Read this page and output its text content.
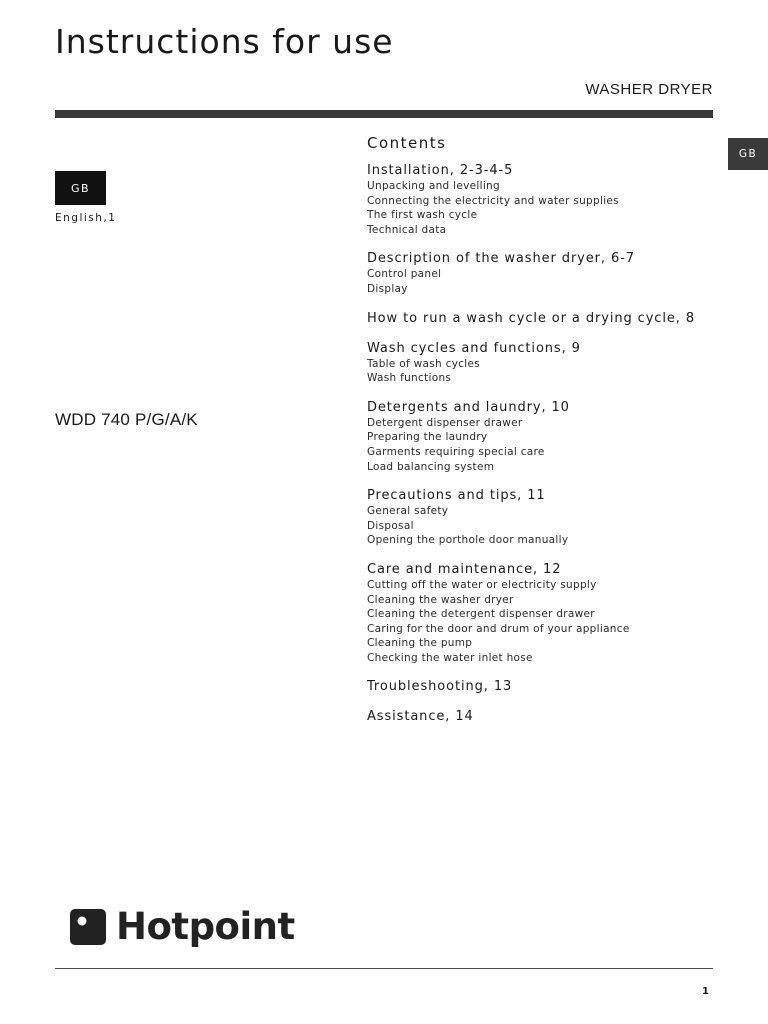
Instructions for use
WASHER DRYER
GB
English,1
WDD 740 P/G/A/K
GB
Contents
Installation, 2-3-4-5
Unpacking and levelling
Connecting the electricity and water supplies
The first wash cycle
Technical data
Description of the washer dryer, 6-7
Control panel
Display
How to run a wash cycle or a drying cycle, 8
Wash cycles and functions, 9
Table of wash cycles
Wash functions
Detergents and laundry, 10
Detergent dispenser drawer
Preparing the laundry
Garments requiring special care
Load balancing system
Precautions and tips, 11
General safety
Disposal
Opening the porthole door manually
Care and maintenance, 12
Cutting off the water or electricity supply
Cleaning the washer dryer
Cleaning the detergent dispenser drawer
Caring for the door and drum of your appliance
Cleaning the pump
Checking the water inlet hose
Troubleshooting, 13
Assistance, 14
Hotpoint
1
